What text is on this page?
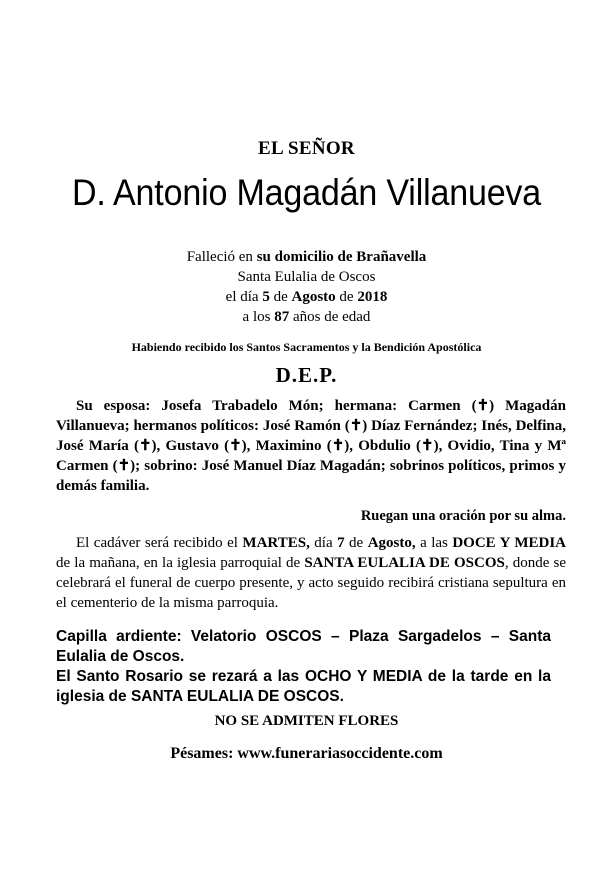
EL SEÑOR
D. Antonio Magadán Villanueva
Falleció en su domicilio de Brañavella
Santa Eulalia de Oscos
el día 5 de Agosto de 2018
a los 87 años de edad
Habiendo recibido los Santos Sacramentos y la Bendición Apostólica
D.E.P.
Su esposa: Josefa Trabadelo Món; hermana: Carmen (✝) Magadán Villanueva; hermanos políticos: José Ramón (✝) Díaz Fernández; Inés, Delfina, José María (✝), Gustavo (✝), Maximino (✝), Obdulio (✝), Ovidio, Tina y Mª Carmen (✝); sobrino: José Manuel Díaz Magadán; sobrinos políticos, primos y demás familia.
Ruegan una oración por su alma.
El cadáver será recibido el MARTES, día 7 de Agosto, a las DOCE Y MEDIA de la mañana, en la iglesia parroquial de SANTA EULALIA DE OSCOS, donde se celebrará el funeral de cuerpo presente, y acto seguido recibirá cristiana sepultura en el cementerio de la misma parroquia.
Capilla ardiente: Velatorio OSCOS – Plaza Sargadelos – Santa Eulalia de Oscos.
El Santo Rosario se rezará a las OCHO Y MEDIA de la tarde en la iglesia de SANTA EULALIA DE OSCOS.
NO SE ADMITEN FLORES
Pésames: www.funerariasoccidente.com
